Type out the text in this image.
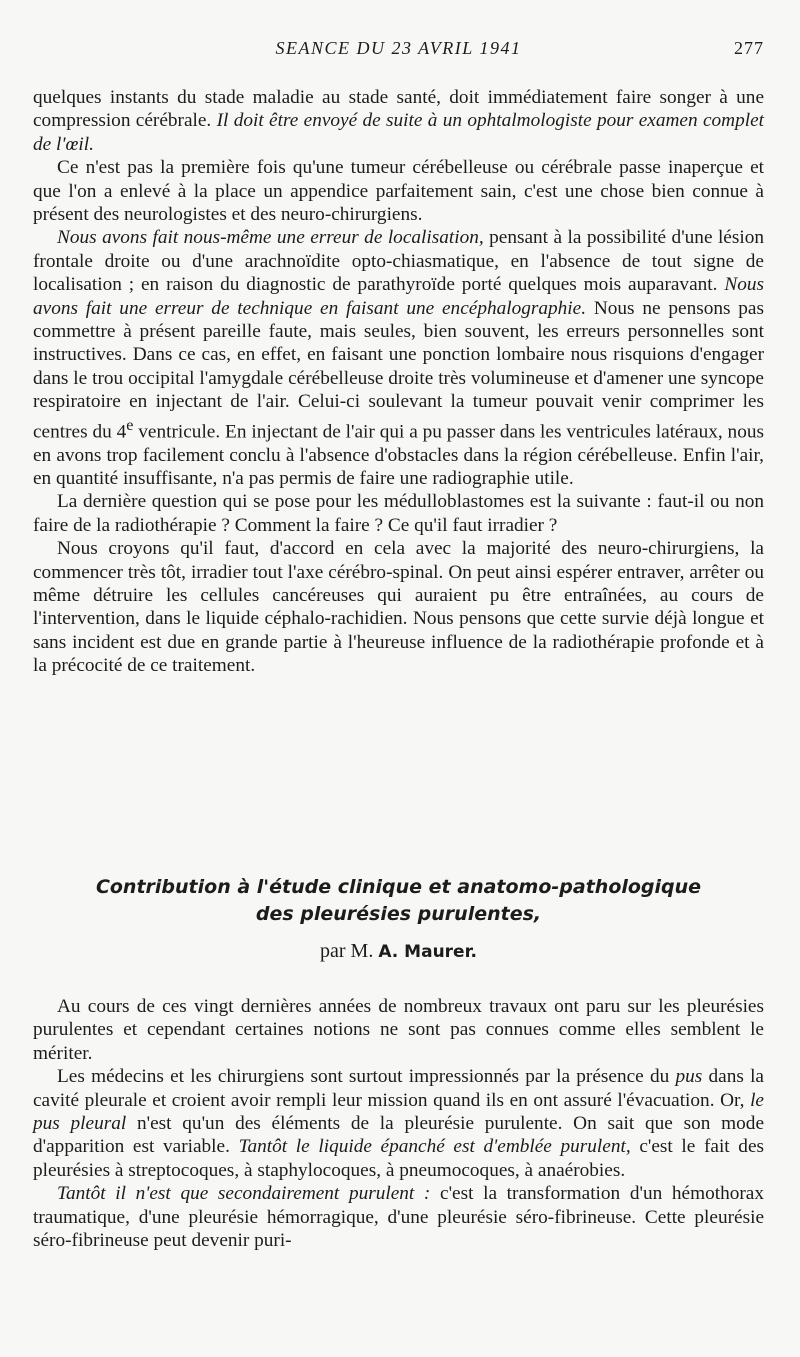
SEANCE DU 23 AVRIL 1941	277

quelques instants du stade maladie au stade santé, doit immédiatement faire songer à une compression cérébrale. Il doit être envoyé de suite à un ophtalmologiste pour examen complet de l'œil.

Ce n'est pas la première fois qu'une tumeur cérébelleuse ou cérébrale passe inaperçue et que l'on a enlevé à la place un appendice parfaitement sain, c'est une chose bien connue à présent des neurologistes et des neuro-chirurgiens.

Nous avons fait nous-même une erreur de localisation, pensant à la possibilité d'une lésion frontale droite ou d'une arachnoïdite opto-chiasmatique, en l'absence de tout signe de localisation ; en raison du diagnostic de parathyroïde porté quelques mois auparavant. Nous avons fait une erreur de technique en faisant une encéphalographie. Nous ne pensons pas commettre à présent pareille faute, mais seules, bien souvent, les erreurs personnelles sont instructives. Dans ce cas, en effet, en faisant une ponction lombaire nous risquions d'engager dans le trou occipital l'amygdale cérébelleuse droite très volumineuse et d'amener une syncope respiratoire en injectant de l'air. Celui-ci soulevant la tumeur pouvait venir comprimer les centres du 4e ventricule. En injectant de l'air qui a pu passer dans les ventricules latéraux, nous en avons trop facilement conclu à l'absence d'obstacles dans la région cérébelleuse. Enfin l'air, en quantité insuffisante, n'a pas permis de faire une radiographie utile.

La dernière question qui se pose pour les médulloblastomes est la suivante : faut-il ou non faire de la radiothérapie ? Comment la faire ? Ce qu'il faut irradier ?

Nous croyons qu'il faut, d'accord en cela avec la majorité des neuro-chirurgiens, la commencer très tôt, irradier tout l'axe cérébro-spinal. On peut ainsi espérer entraver, arrêter ou même détruire les cellules cancéreuses qui auraient pu être entraînées, au cours de l'intervention, dans le liquide céphalo-rachidien. Nous pensons que cette survie déjà longue et sans incident est due en grande partie à l'heureuse influence de la radiothérapie profonde et à la précocité de ce traitement.

Contribution à l'étude clinique et anatomo-pathologique
des pleurésies purulentes,
par M. A. Maurer.

Au cours de ces vingt dernières années de nombreux travaux ont paru sur les pleurésies purulentes et cependant certaines notions ne sont pas connues comme elles semblent le mériter.

Les médecins et les chirurgiens sont surtout impressionnés par la présence du pus dans la cavité pleurale et croient avoir rempli leur mission quand ils en ont assuré l'évacuation. Or, le pus pleural n'est qu'un des éléments de la pleurésie purulente. On sait que son mode d'apparition est variable. Tantôt le liquide épanché est d'emblée purulent, c'est le fait des pleurésies à streptocoques, à staphylocoques, à pneumocoques, à anaérobies.

Tantôt il n'est que secondairement purulent : c'est la transformation d'un hémothorax traumatique, d'une pleurésie hémorragique, d'une pleurésie séro-fibrineuse. Cette pleurésie séro-fibrineuse peut devenir puri-
